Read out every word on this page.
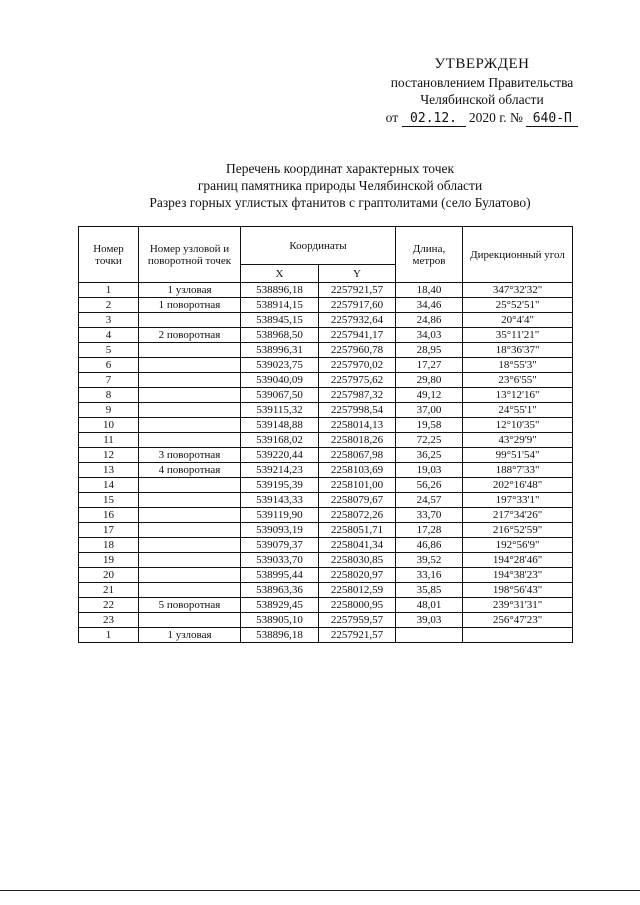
УТВЕРЖДЕН
постановлением Правительства
Челябинской области
от 02.12. 2020 г. № 640-П
Перечень координат характерных точек
границ памятника природы Челябинской области
Разрез горных углистых фтанитов с граптолитами (село Булатово)
Номер точки	Номер узловой и поворотной точек	Координаты		Длина, метров	Дирекционный угол
		X	Y		
1	1 узловая	538896,18	2257921,57	18,40	347°32'32"
2	1 поворотная	538914,15	2257917,60	34,46	25°52'51"
3		538945,15	2257932,64	24,86	20°4'4"
4	2 поворотная	538968,50	2257941,17	34,03	35°11'21"
5		538996,31	2257960,78	28,95	18°36'37"
6		539023,75	2257970,02	17,27	18°55'3"
7		539040,09	2257975,62	29,80	23°6'55"
8		539067,50	2257987,32	49,12	13°12'16"
9		539115,32	2257998,54	37,00	24°55'1"
10		539148,88	2258014,13	19,58	12°10'35"
11		539168,02	2258018,26	72,25	43°29'9"
12	3 поворотная	539220,44	2258067,98	36,25	99°51'54"
13	4 поворотная	539214,23	2258103,69	19,03	188°7'33"
14		539195,39	2258101,00	56,26	202°16'48"
15		539143,33	2258079,67	24,57	197°33'1"
16		539119,90	2258072,26	33,70	217°34'26"
17		539093,19	2258051,71	17,28	216°52'59"
18		539079,37	2258041,34	46,86	192°56'9"
19		539033,70	2258030,85	39,52	194°28'46"
20		538995,44	2258020,97	33,16	194°38'23"
21		538963,36	2258012,59	35,85	198°56'43"
22	5 поворотная	538929,45	2258000,95	48,01	239°31'31"
23		538905,10	2257959,57	39,03	256°47'23"
1	1 узловая	538896,18	2257921,57		
